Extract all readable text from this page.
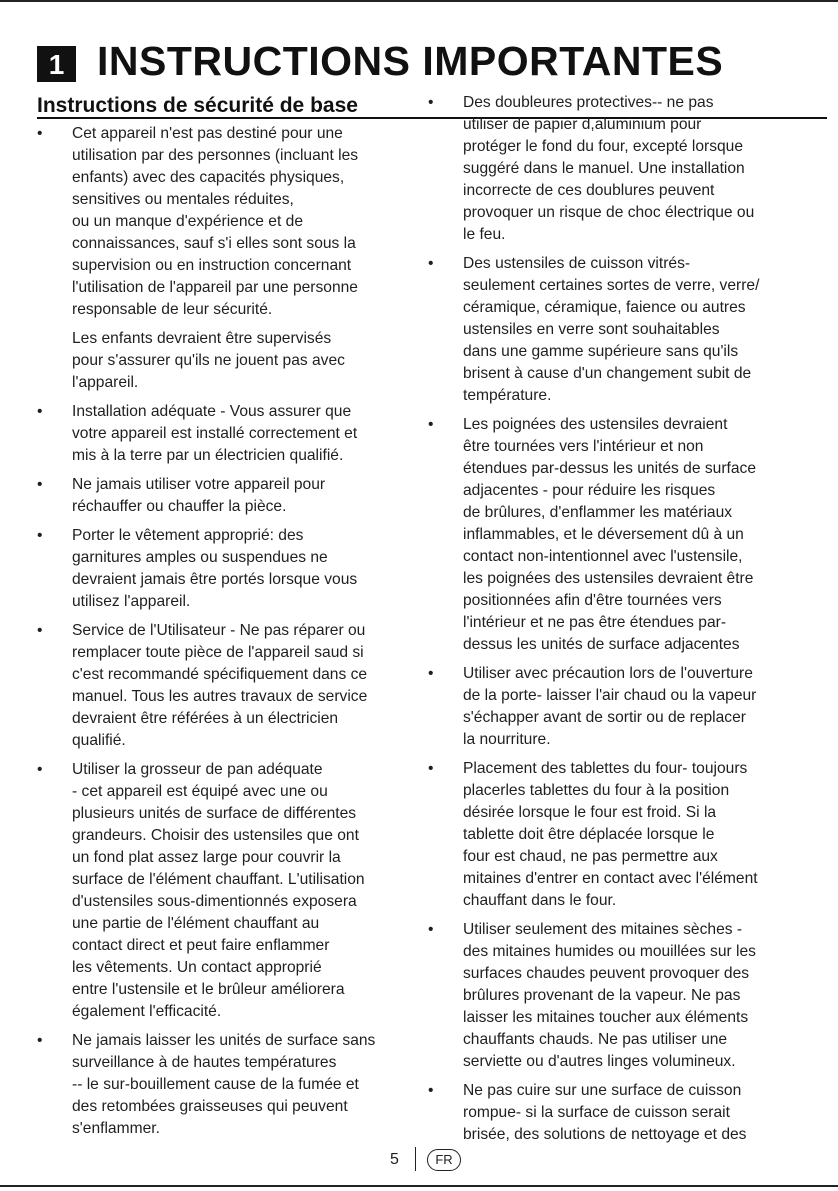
1 INSTRUCTIONS IMPORTANTES
Instructions de sécurité de base
•	Cet appareil n'est pas destiné pour une
utilisation par des personnes (incluant les
enfants) avec des capacités physiques,
sensitives ou mentales réduites,
ou un manque d'expérience et de
connaissances, sauf s'i elles sont sous la
supervision ou en instruction concernant
l'utilisation de l'appareil par une personne
responsable de leur sécurité.
Les enfants devraient être supervisés
pour s'assurer qu'ils ne jouent pas avec
l'appareil.
•	Installation adéquate - Vous assurer que
votre appareil est installé correctement et
mis à la terre par un électricien qualifié.
•	Ne jamais utiliser votre appareil pour
réchauffer ou chauffer la pièce.
•	Porter le vêtement approprié: des
garnitures amples ou suspendues ne
devraient jamais être portés lorsque vous
utilisez l'appareil.
•	Service de l'Utilisateur - Ne pas réparer ou
remplacer toute pièce de l'appareil saud si
c'est recommandé spécifiquement dans ce
manuel. Tous les autres travaux de service
devraient être référées à un électricien
qualifié.
•	Utiliser la grosseur de pan adéquate
- cet appareil est équipé avec une ou
plusieurs unités de surface de différentes
grandeurs. Choisir des ustensiles que ont
un fond plat assez large pour couvrir la
surface de l'élément chauffant. L'utilisation
d'ustensiles sous-dimentionnés exposera
une partie de l'élément chauffant au
contact direct et peut faire enflammer
les vêtements. Un contact approprié
entre l'ustensile et le brûleur améliorera
également l'efficacité.
•	Ne jamais laisser les unités de surface sans
surveillance à de hautes températures
-- le sur-bouillement cause de la fumée et
des retombées graisseuses qui peuvent
s'enflammer.
•	Des doubleures protectives-- ne pas
utiliser de papier d,aluminium pour
protéger le fond du four, excepté lorsque
suggéré dans le manuel. Une installation
incorrecte de ces doublures peuvent
provoquer un risque de choc électrique ou
le feu.
•	Des ustensiles de cuisson vitrés-
seulement certaines sortes de verre, verre/
céramique, céramique, faience ou autres
ustensiles en verre sont souhaitables
dans une gamme supérieure sans qu'ils
brisent à cause d'un changement subit de
température.
•	Les poignées des ustensiles devraient
être tournées vers l'intérieur et non
étendues par-dessus les unités de surface
adjacentes - pour réduire les risques
de brûlures, d'enflammer les matériaux
inflammables, et le déversement dû à un
contact non-intentionnel avec l'ustensile,
les poignées des ustensiles devraient être
positionnées afin d'être tournées vers
l'intérieur et ne pas être étendues par-
dessus les unités de surface adjacentes
•	Utiliser avec précaution lors de l'ouverture
de la porte- laisser l'air chaud ou la vapeur
s'échapper avant de sortir ou de replacer
la nourriture.
•	Placement des tablettes du four- toujours
placerles tablettes du four à la position
désirée lorsque le four est froid. Si la
tablette doit être déplacée lorsque le
four est chaud, ne pas permettre aux
mitaines d'entrer en contact avec l'élément
chauffant dans le four.
•	Utiliser seulement des mitaines sèches -
des mitaines humides ou mouillées sur les
surfaces chaudes peuvent provoquer des
brûlures provenant de la vapeur. Ne pas
laisser les mitaines toucher aux éléments
chauffants chauds. Ne pas utiliser une
serviette ou d'autres linges volumineux.
•	Ne pas cuire sur une surface de cuisson
rompue- si la surface de cuisson serait
brisée, des solutions de nettoyage et des
5	FR
